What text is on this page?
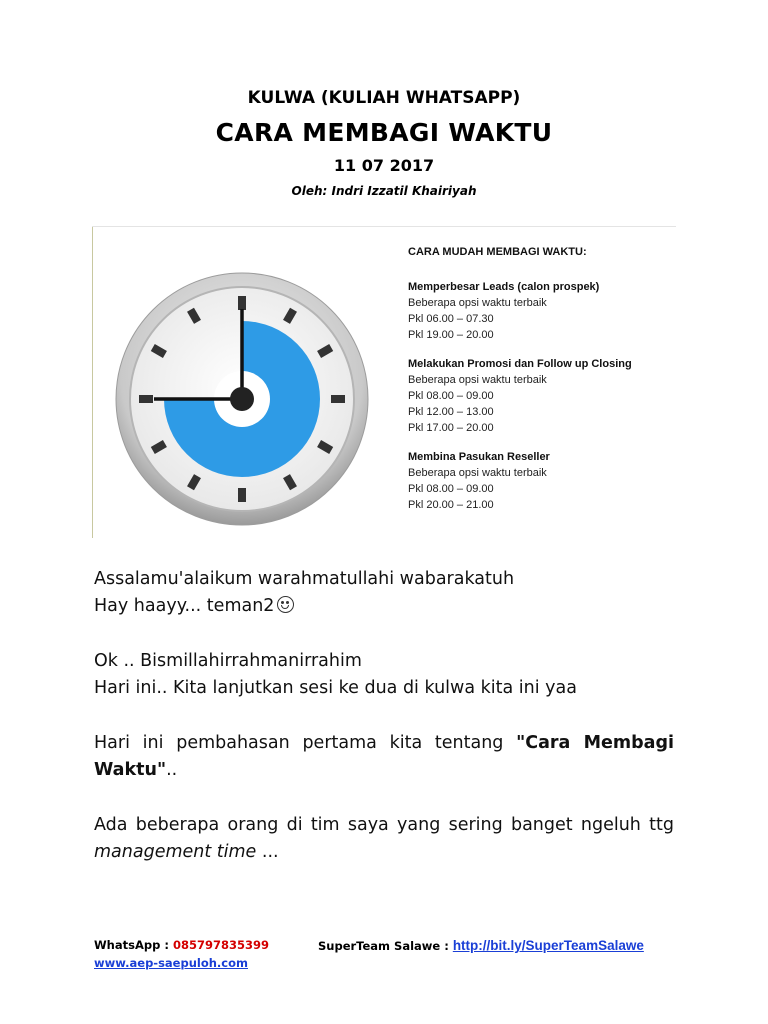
KULWA (KULIAH WHATSAPP)
CARA MEMBAGI WAKTU
11 07 2017
Oleh: Indri Izzatil Khairiyah
CARA MUDAH MEMBAGI WAKTU:
Memperbesar Leads (calon prospek)
Beberapa opsi waktu terbaik
Pkl 06.00 – 07.30
Pkl 19.00 – 20.00
Melakukan Promosi dan Follow up Closing
Beberapa opsi waktu terbaik
Pkl 08.00 – 09.00
Pkl 12.00 – 13.00
Pkl 17.00 – 20.00
Membina Pasukan Reseller
Beberapa opsi waktu terbaik
Pkl 08.00 – 09.00
Pkl 20.00 – 21.00

Assalamu'alaikum warahmatullahi wabarakatuh
Hay haayy... teman2

Ok .. Bismillahirrahmanirrahim
Hari ini.. Kita lanjutkan sesi ke dua di kulwa kita ini yaa

Hari ini pembahasan pertama kita tentang "Cara Membagi Waktu"..

Ada beberapa orang di tim saya yang sering banget ngeluh ttg management time ...

WhatsApp : 085797835399	SuperTeam Salawe : http://bit.ly/SuperTeamSalawe
www.aep-saepuloh.com
